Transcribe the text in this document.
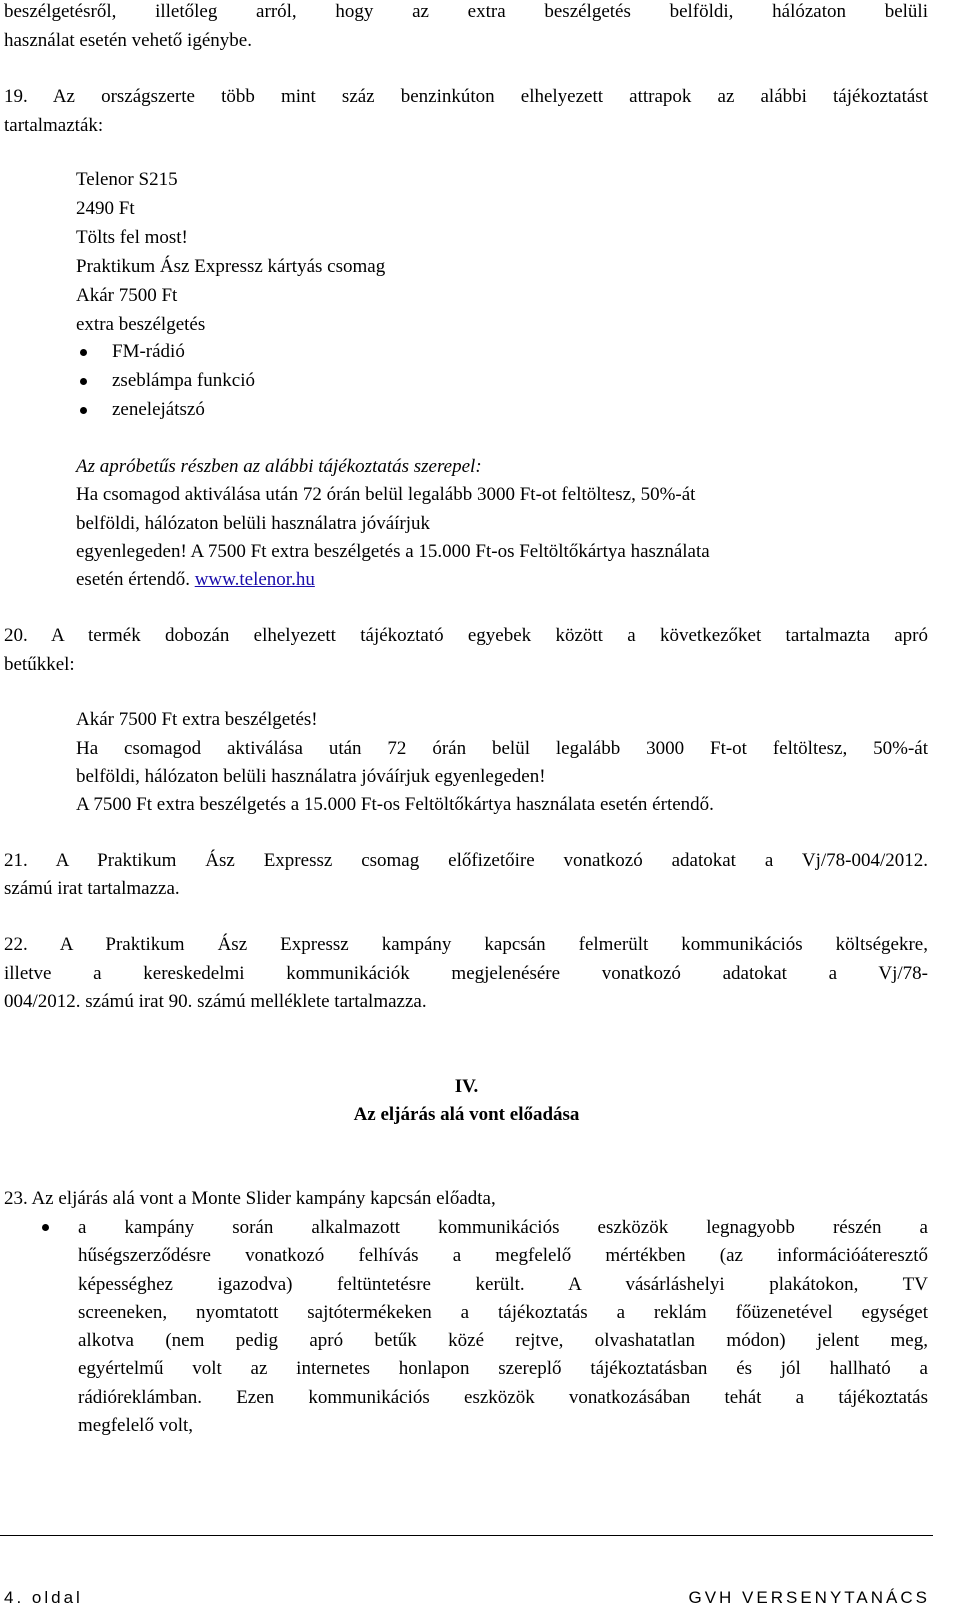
beszélgetésről, illetőleg arról, hogy az extra beszélgetés belföldi, hálózaton belüli
használat esetén vehető igénybe.
19. Az országszerte több mint száz benzinkúton elhelyezett attrapok az alábbi tájékoztatást
tartalmazták:
Telenor S215
2490 Ft
Tölts fel most!
Praktikum Ász Expressz kártyás csomag
Akár 7500 Ft
extra beszélgetés
FM-rádió
zseblámpa funkció
zenelejátszó
Az apróbetűs részben az alábbi tájékoztatás szerepel:
Ha csomagod aktiválása után 72 órán belül legalább 3000 Ft-ot feltöltesz, 50%-át
belföldi, hálózaton belüli használatra jóváírjuk
egyenlegeden! A 7500 Ft extra beszélgetés a 15.000 Ft-os Feltöltőkártya használata
esetén értendő. www.telenor.hu
20. A termék dobozán elhelyezett tájékoztató egyebek között a következőket tartalmazta apró
betűkkel:
Akár 7500 Ft extra beszélgetés!
Ha csomagod aktiválása után 72 órán belül legalább 3000 Ft-ot feltöltesz, 50%-át
belföldi, hálózaton belüli használatra jóváírjuk egyenlegeden!
A 7500 Ft extra beszélgetés a 15.000 Ft-os Feltöltőkártya használata esetén értendő.
21. A Praktikum Ász Expressz csomag előfizetőire vonatkozó adatokat a Vj/78-004/2012.
számú irat tartalmazza.
22. A Praktikum Ász Expressz kampány kapcsán felmerült kommunikációs költségekre,
illetve a kereskedelmi kommunikációk megjelenésére vonatkozó adatokat a Vj/78-
004/2012. számú irat 90. számú melléklete tartalmazza.
IV.
Az eljárás alá vont előadása
23. Az eljárás alá vont a Monte Slider kampány kapcsán előadta,
a kampány során alkalmazott kommunikációs eszközök legnagyobb részén a
hűségszerződésre vonatkozó felhívás a megfelelő mértékben (az információáteresztő
képességhez igazodva) feltüntetésre került. A vásárláshelyi plakátokon, TV
screeneken, nyomtatott sajtótermékeken a tájékoztatás a reklám főüzenetével egységet
alkotva (nem pedig apró betűk közé rejtve, olvashatatlan módon) jelent meg,
egyértelmű volt az internetes honlapon szereplő tájékoztatásban és jól hallható a
rádióreklámban. Ezen kommunikációs eszközök vonatkozásában tehát a tájékoztatás
megfelelő volt,
4. oldal	GVH VERSENYTANÁCS
